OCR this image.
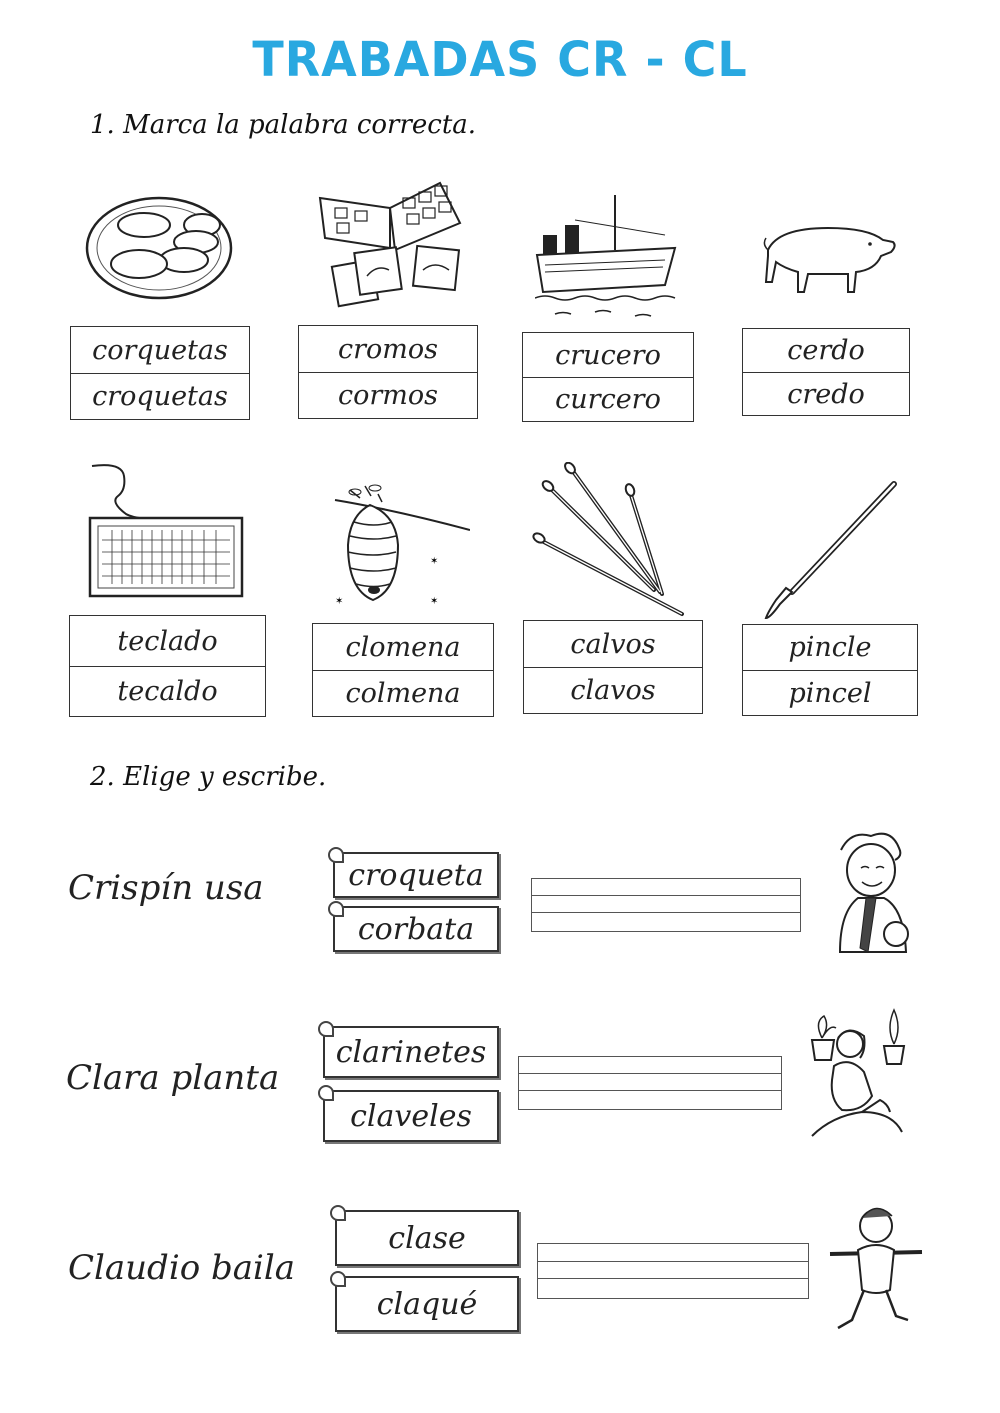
TRABADAS CR - CL
1. Marca la palabra correcta.
corquetas
croquetas
cromos
cormos
crucero
curcero
cerdo
credo
✶	✶
✶
teclado
tecaldo
clomena
colmena
calvos
clavos
pincle
pincel
2. Elige y escribe.
Crispín usa	croqueta
corbata
Clara planta
clarinetes
claveles
Claudio baila
clase
claqué
